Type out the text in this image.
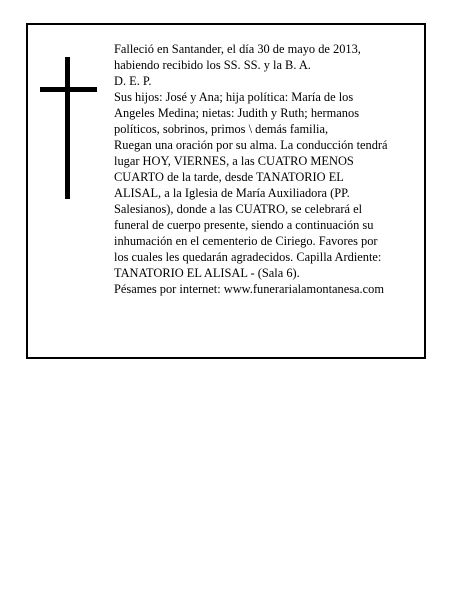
Falleció en Santander, el día 30 de mayo de 2013,
habiendo recibido los SS. SS. y la B. A.
D. E. P.
Sus hijos: José y Ana; hija política: María de los
Angeles Medina; nietas: Judith y Ruth; hermanos
políticos, sobrinos, primos \ demás familia,
Ruegan una oración por su alma. La conducción tendrá
lugar HOY, VIERNES, a las CUATRO MENOS
CUARTO de la tarde, desde TANATORIO EL
ALISAL, a la Iglesia de María Auxiliadora (PP.
Salesianos), donde a las CUATRO, se celebrará el
funeral de cuerpo presente, siendo a continuación su
inhumación en el cementerio de Ciriego. Favores por
los cuales les quedarán agradecidos. Capilla Ardiente:
TANATORIO EL ALISAL - (Sala 6).
Pésames por internet: www.funerarialamontanesa.com
